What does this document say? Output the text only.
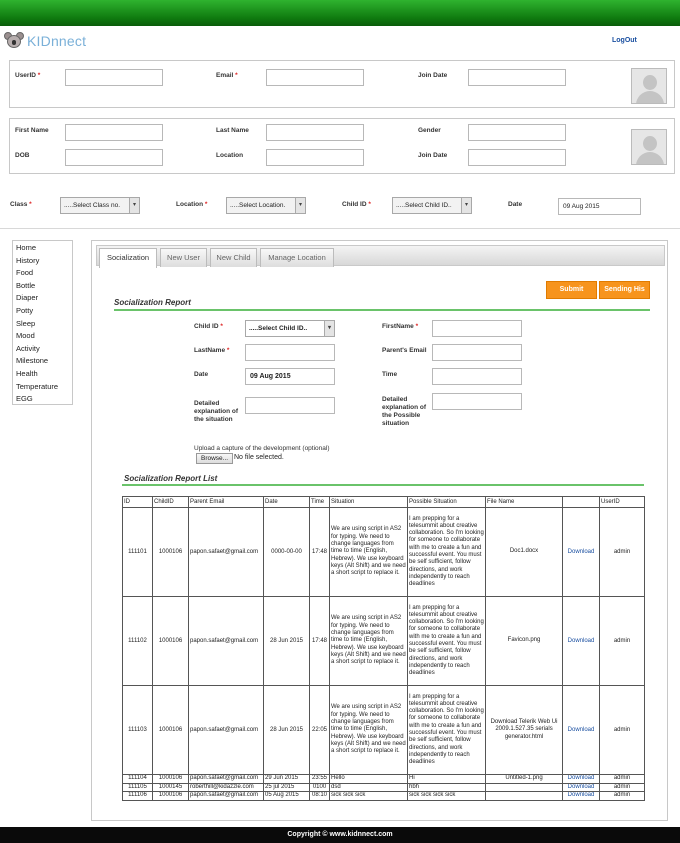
KIDnnect	LogOut
UserID *	Email *	Join Date
First Name	Last Name	Gender
DOB	Location	Join Date
Class *	.....Select Class no.	▾	Location *	.....Select Location.	▾	Child ID *	.....Select Child ID..	▾	Date	09 Aug 2015
Home
History
Food
Bottle
Diaper
Potty
Sleep
Mood
Activity
Milestone
Health
Temperature
EGG
Socialization	New User	New Child	Manage Location
Submit	Sending His
Socialization Report
Child ID *	.....Select Child ID..	▾	FirstName *
LastName *	Parent's Email
Date	09 Aug 2015	Time
Detailed explanation of the situation
Detailed explanation of the Possible situation
Upload a capture of the development (optional)
Browse... No file selected.
Socialization Report List
ID	ChildID	Parent Email	Date	Time	Situation	Possible Situation	File Name		UserID
111101	1000106	papon.safaet@gmail.com	0000-00-00	17:48	We are using script in AS2 for typing. We need to change languages from time to time (English, Hebrew). We use keyboard keys (Alt Shift) and we need a short script to replace it.	I am prepping for a telesummit about creative collaboration. So I'm looking for someone to collaborate with me to create a fun and successful event. You must be self sufficient, follow directions, and work independently to reach deadlines	Doc1.docx	Download	admin
111102	1000106	papon.safaet@gmail.com	28 Jun 2015	17:48	We are using script in AS2 for typing. We need to change languages from time to time (English, Hebrew). We use keyboard keys (Alt Shift) and we need a short script to replace it.	I am prepping for a telesummit about creative collaboration. So I'm looking for someone to collaborate with me to create a fun and successful event. You must be self sufficient, follow directions, and work independently to reach deadlines	Favicon.png	Download	admin
111103	1000106	papon.safaet@gmail.com	28 Jun 2015	22:05	We are using script in AS2 for typing. We need to change languages from time to time (English, Hebrew). We use keyboard keys (Alt Shift) and we need a short script to replace it.	I am prepping for a telesummit about creative collaboration. So I'm looking for someone to collaborate with me to create a fun and successful event. You must be self sufficient, follow directions, and work independently to reach deadlines	Download Telerik Web Ui 2009.1.527.35 serials generator.html	Download	admin
111104	1000106	papon.safaet@gmail.com	29 Jun 2015	23:55	Hello	Hi	Untitled-1.png	Download	admin
111105	1000145	roberthill@kidazzle.com	25 jul 2015	0100	dsd	hbh		Download	admin
111106	1000106	papon.safaet@gmail.com	05 Aug 2015	08:10	sick sick sick	sick sick sick sick		Download	admin
Copyright © www.kidnnect.com
